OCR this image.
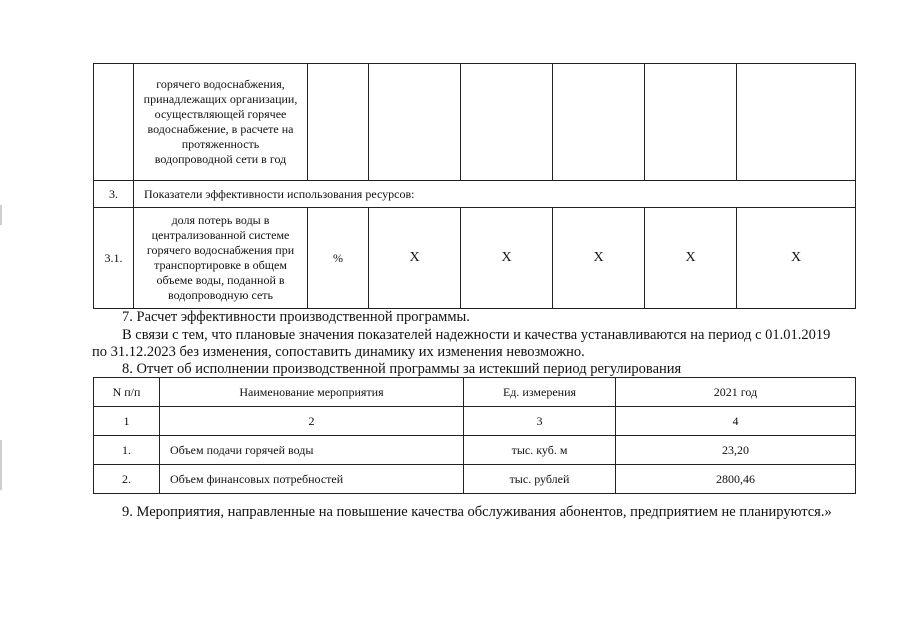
	горячего водоснабжения, принадлежащих организации, осуществляющей горячее водоснабжение, в расчете на протяженность водопроводной сети в год						
3.	Показатели эффективности использования ресурсов:						
3.1.	доля потерь воды в централизованной системе горячего водоснабжения при транспортировке в общем объеме воды, поданной в водопроводную сеть	%	X	X	X	X	X
7. Расчет эффективности производственной программы.
В связи с тем, что плановые значения показателей надежности и качества устанавливаются на период с 01.01.2019
по 31.12.2023 без изменения, сопоставить динамику их изменения невозможно.
8. Отчет об исполнении производственной программы за истекший период регулирования
N п/п	Наименование мероприятия	Ед. измерения	2021 год
1	2	3	4
1.	Объем подачи горячей воды	тыс. куб. м	23,20
2.	Объем финансовых потребностей	тыс. рублей	2800,46
9. Мероприятия, направленные на повышение качества обслуживания абонентов, предприятием не планируются.»
